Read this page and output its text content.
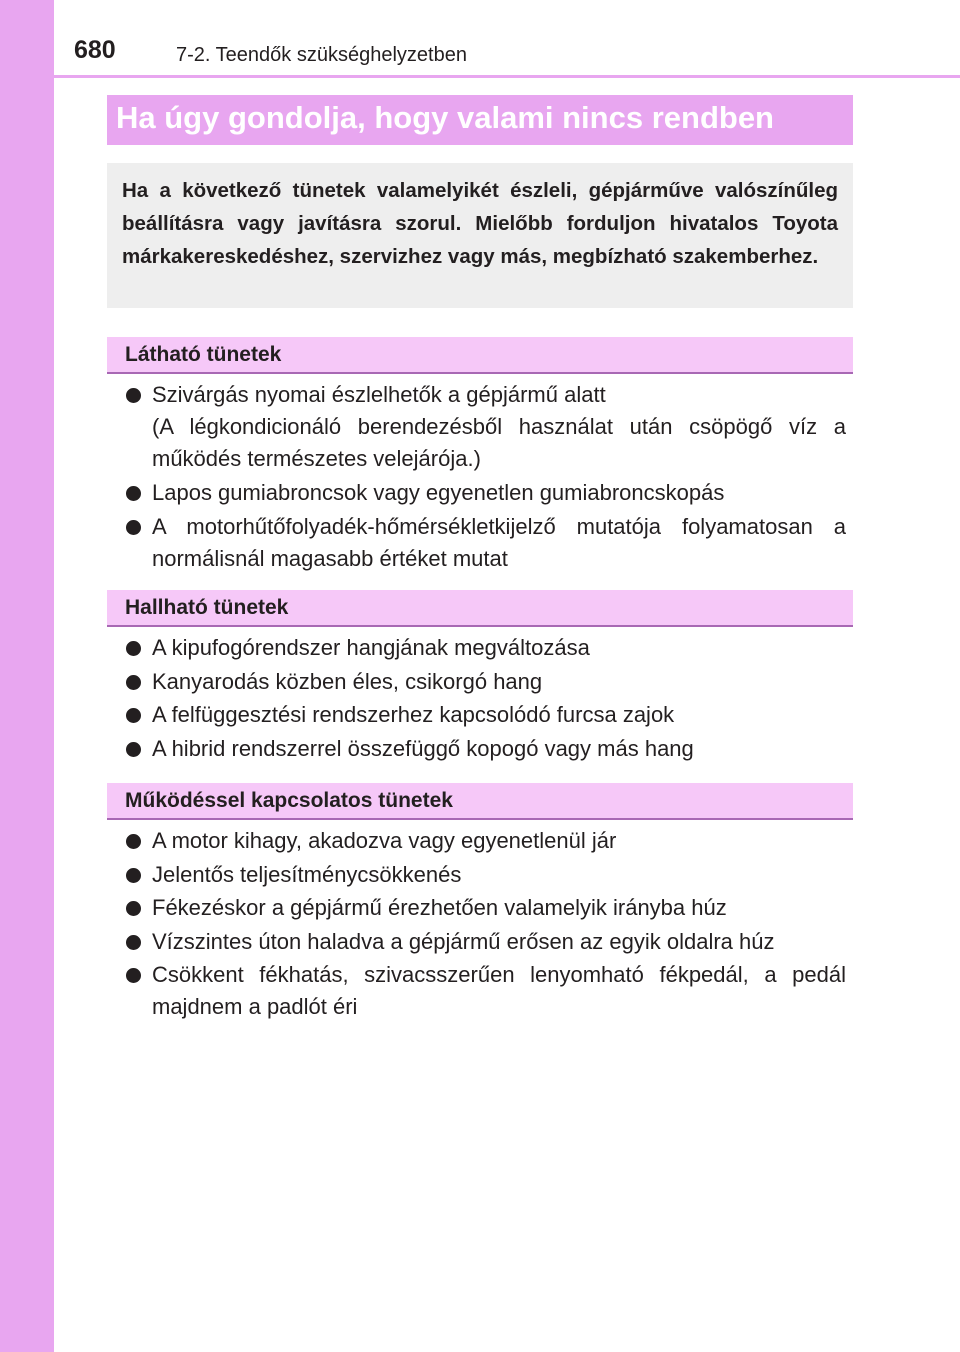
680	7-2. Teendők szükséghelyzetben
Ha úgy gondolja, hogy valami nincs rendben
Ha a következő tünetek valamelyikét észleli, gépjárműve valószínűleg beállításra vagy javításra szorul. Mielőbb forduljon hivatalos Toyota márkakereskedéshez, szervizhez vagy más, megbízható szakemberhez.
Látható tünetek
Szivárgás nyomai észlelhetők a gépjármű alatt
(A légkondicionáló berendezésből használat után csöpögő víz a működés természetes velejárója.)
Lapos gumiabroncsok vagy egyenetlen gumiabroncskopás
A motorhűtőfolyadék-hőmérsékletkijelző mutatója folyamatosan a normálisnál magasabb értéket mutat
Hallható tünetek
A kipufogórendszer hangjának megváltozása
Kanyarodás közben éles, csikorgó hang
A felfüggesztési rendszerhez kapcsolódó furcsa zajok
A hibrid rendszerrel összefüggő kopogó vagy más hang
Működéssel kapcsolatos tünetek
A motor kihagy, akadozva vagy egyenetlenül jár
Jelentős teljesítménycsökkenés
Fékezéskor a gépjármű érezhetően valamelyik irányba húz
Vízszintes úton haladva a gépjármű erősen az egyik oldalra húz
Csökkent fékhatás, szivacsszerűen lenyomható fékpedál, a pedál majdnem a padlót éri
